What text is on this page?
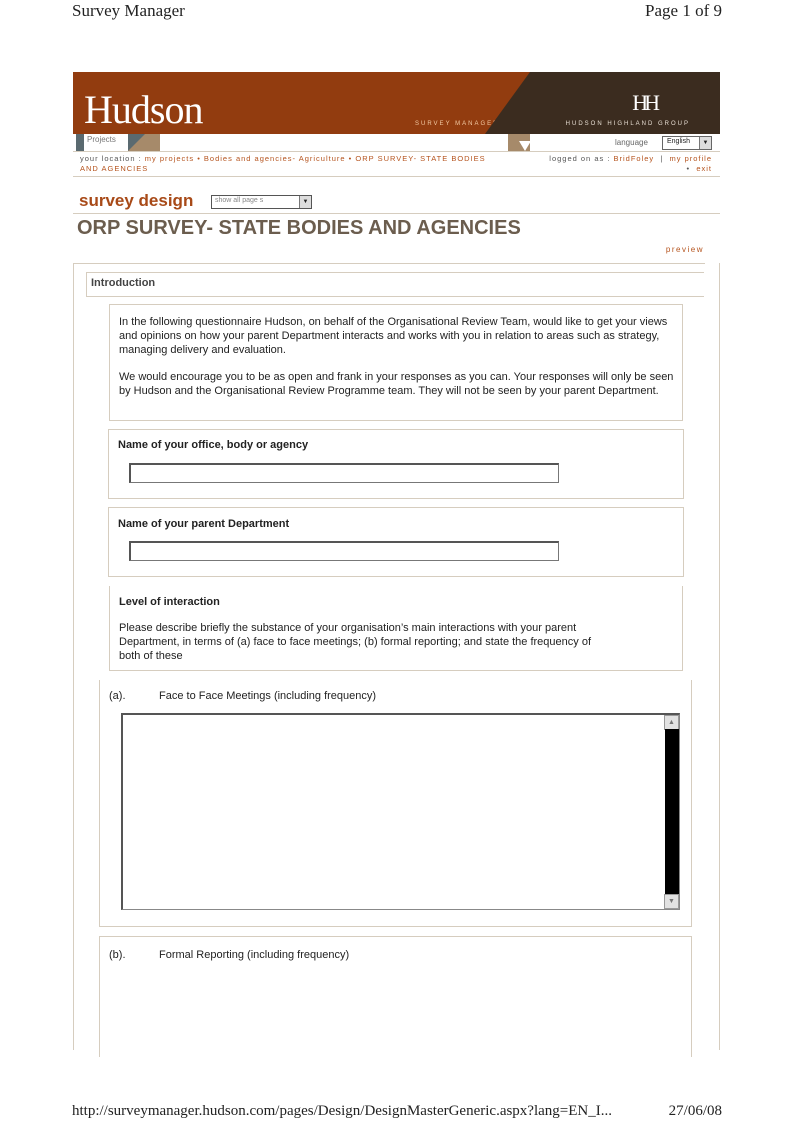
Survey Manager	Page 1 of 9
Hudson	SURVEY MANAGER
HH
HUDSON HIGHLAND GROUP
Projects	language	English	▼
your location : my projects • Bodies and agencies- Agriculture • ORP SURVEY- STATE BODIES AND AGENCIES
logged on as : BridFoley  |  my profile  •  exit
survey design	show all page s	▼
ORP SURVEY- STATE BODIES AND AGENCIES
preview
Introduction
In the following questionnaire Hudson, on behalf of the Organisational Review Team, would like to get your views and opinions on how your parent Department interacts and works with you in relation to areas such as strategy, managing delivery and evaluation.
We would encourage you to be as open and frank in your responses as you can. Your responses will only be seen by Hudson and the Organisational Review Programme team. They will not be seen by your parent Department.
Name of your office, body or agency
Name of your parent Department
Level of interaction
Please describe briefly the substance of your organisation’s main interactions with your parent Department, in terms of (a) face to face meetings; (b) formal reporting; and state the frequency of both of these
(a).	Face to Face Meetings (including frequency)
▲
▼
(b).	Formal Reporting (including frequency)
http://surveymanager.hudson.com/pages/Design/DesignMasterGeneric.aspx?lang=EN_I...	27/06/08
